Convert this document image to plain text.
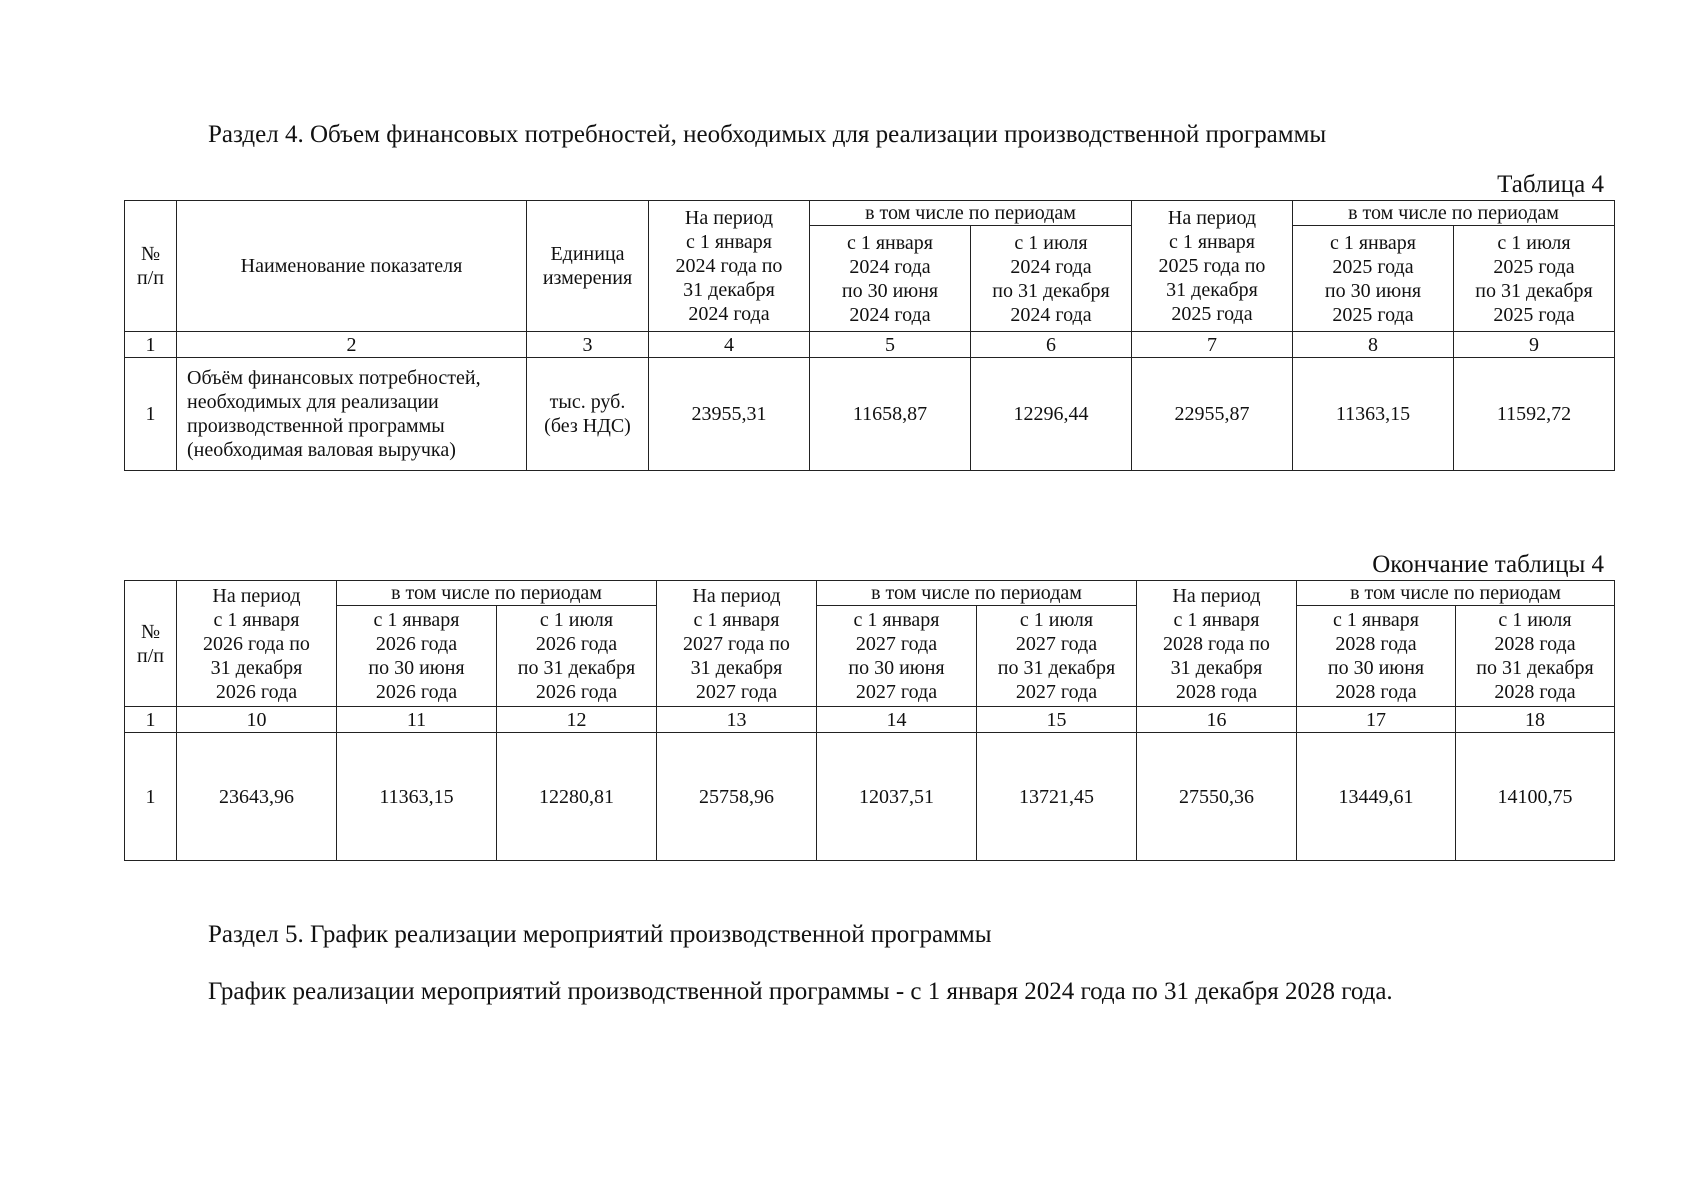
Раздел 4. Объем финансовых потребностей, необходимых для реализации производственной программы
Таблица 4
№
п/п	Наименование показателя	Единица
измерения	На период
с 1 января
2024 года по
31 декабря
2024 года	в том числе по периодам		На период
с 1 января
2025 года по
31 декабря
2025 года	в том числе по периодам	

				с 1 января
2024 года
по 30 июня
2024 года	с 1 июля
2024 года
по 31 декабря
2024 года		с 1 января
2025 года
по 30 июня
2025 года	с 1 июля
2025 года
по 31 декабря
2025 года

1	2	3	4	5	6	7	8	9
1	Объём финансовых потребностей,
необходимых для реализации
производственной программы
(необходимая валовая выручка)	тыс. руб.
(без НДС)	23955,31	11658,87	12296,44	22955,87	11363,15	11592,72
Окончание таблицы 4
№
п/п	На период
с 1 января
2026 года по
31 декабря
2026 года	в том числе по периодам		На период
с 1 января
2027 года по
31 декабря
2027 года	в том числе по периодам		На период
с 1 января
2028 года по
31 декабря
2028 года	в том числе по периодам	

		с 1 января
2026 года
по 30 июня
2026 года	с 1 июля
2026 года
по 31 декабря
2026 года		с 1 января
2027 года
по 30 июня
2027 года	с 1 июля
2027 года
по 31 декабря
2027 года		с 1 января
2028 года
по 30 июня
2028 года	с 1 июля
2028 года
по 31 декабря
2028 года

1	10	11	12	13	14	15	16	17	18
1	23643,96	11363,15	12280,81	25758,96	12037,51	13721,45	27550,36	13449,61	14100,75
Раздел 5. График реализации мероприятий производственной программы
График реализации мероприятий производственной программы - с 1 января 2024 года по 31 декабря 2028 года.
